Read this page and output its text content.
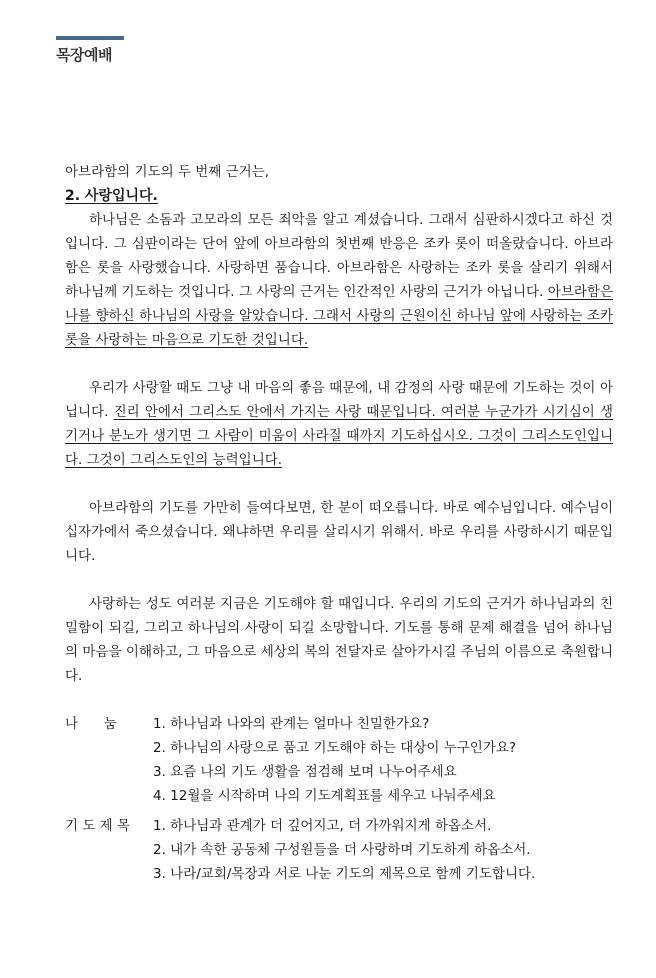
목장예배

아브라함의 기도의 두 번째 근거는,

2. 사랑입니다.

하나님은 소돔과 고모라의 모든 죄악을 알고 계셨습니다. 그래서 심판하시겠다고 하신 것입니다. 그 심판이라는 단어 앞에 아브라함의 첫번째 반응은 조카 롯이 떠올랐습니다. 아브라함은 롯을 사랑했습니다. 사랑하면 품습니다. 아브라함은 사랑하는 조카 롯을 살리기 위해서 하나님께 기도하는 것입니다. 그 사랑의 근거는 인간적인 사랑의 근거가 아닙니다. 아브라함은 나를 향하신 하나님의 사랑을 알았습니다. 그래서 사랑의 근원이신 하나님 앞에 사랑하는 조카 롯을 사랑하는 마음으로 기도한 것입니다.

우리가 사랑할 때도 그냥 내 마음의 좋음 때문에, 내 감정의 사랑 때문에 기도하는 것이 아닙니다. 진리 안에서 그리스도 안에서 가지는 사랑 때문입니다. 여러분 누군가가 시기심이 생기거나 분노가 생기면 그 사람이 미움이 사라질 때까지 기도하십시오. 그것이 그리스도인입니다. 그것이 그리스도인의 능력입니다.

아브라함의 기도를 가만히 들여다보면, 한 분이 떠오릅니다. 바로 예수님입니다. 예수님이 십자가에서 죽으셨습니다. 왜냐하면 우리를 살리시기 위해서. 바로 우리를 사랑하시기 때문입니다.

사랑하는 성도 여러분 지금은 기도해야 할 때입니다. 우리의 기도의 근거가 하나님과의 친밀함이 되길, 그리고 하나님의 사랑이 되길 소망합니다. 기도를 통해 문제 해결을 넘어 하나님의 마음을 이해하고, 그 마음으로 세상의 복의 전달자로 살아가시길 주님의 이름으로 축원합니다.

나      눔	1. 하나님과 나와의 관계는 얼마나 친밀한가요?
2. 하나님의 사랑으로 품고 기도해야 하는 대상이 누구인가요?
3. 요즘 나의 기도 생활을 점검해 보며 나누어주세요
4. 12월을 시작하며 나의 기도계획표를 세우고 나눠주세요
기 도 제 목	1. 하나님과 관계가 더 깊어지고, 더 가까워지게 하옵소서.
2. 내가 속한 공동체 구성원들을 더 사랑하며 기도하게 하옵소서.
3. 나라/교회/목장과 서로 나눈 기도의 제목으로 함께 기도합니다.
